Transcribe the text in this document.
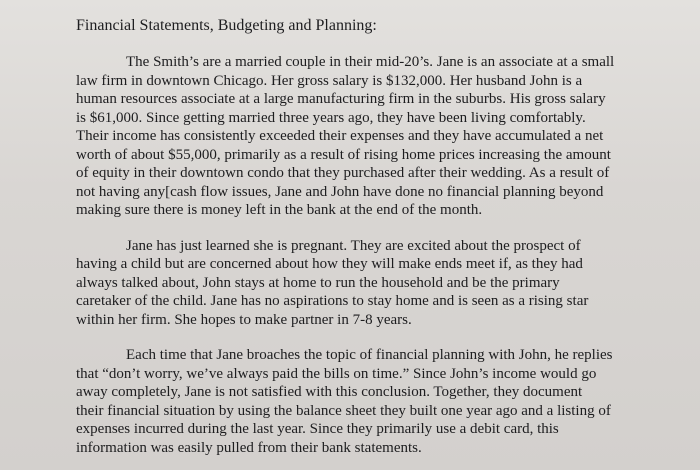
Financial Statements, Budgeting and Planning:
The Smith’s are a married couple in their mid-20’s. Jane is an associate at a small
law firm in downtown Chicago. Her gross salary is $132,000. Her husband John is a
human resources associate at a large manufacturing firm in the suburbs. His gross salary
is $61,000. Since getting married three years ago, they have been living comfortably.
Their income has consistently exceeded their expenses and they have accumulated a net
worth of about $55,000, primarily as a result of rising home prices increasing the amount
of equity in their downtown condo that they purchased after their wedding. As a result of
not having any[cash flow issues, Jane and John have done no financial planning beyond
making sure there is money left in the bank at the end of the month.
Jane has just learned she is pregnant. They are excited about the prospect of
having a child but are concerned about how they will make ends meet if, as they had
always talked about, John stays at home to run the household and be the primary
caretaker of the child. Jane has no aspirations to stay home and is seen as a rising star
within her firm. She hopes to make partner in 7-8 years.
Each time that Jane broaches the topic of financial planning with John, he replies
that “don’t worry, we’ve always paid the bills on time.” Since John’s income would go
away completely, Jane is not satisfied with this conclusion. Together, they document
their financial situation by using the balance sheet they built one year ago and a listing of
expenses incurred during the last year. Since they primarily use a debit card, this
information was easily pulled from their bank statements.
